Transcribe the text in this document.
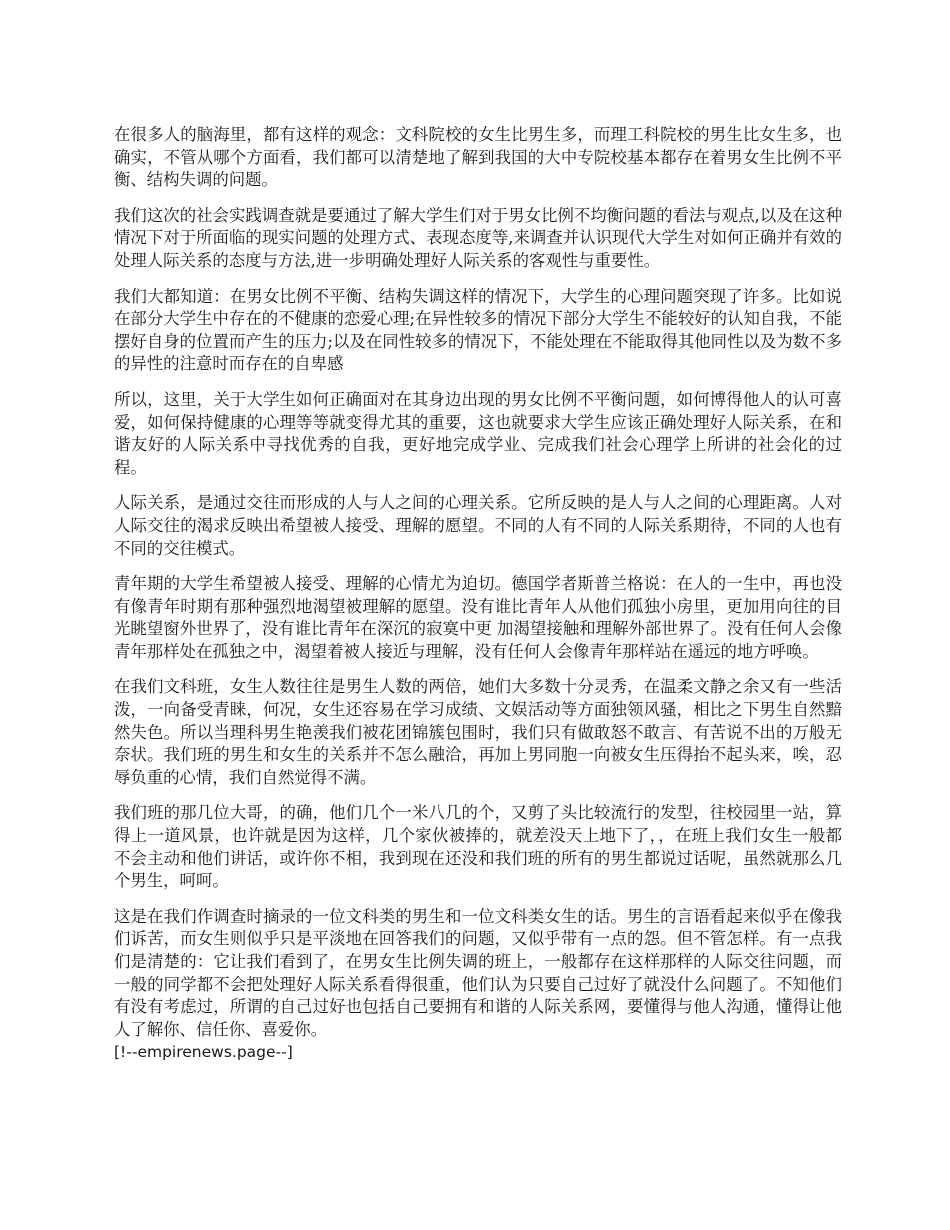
在很多人的脑海里，都有这样的观念：文科院校的女生比男生多，而理工科院校的男生比女生多，也确实，不管从哪个方面看，我们都可以清楚地了解到我国的大中专院校基本都存在着男女生比例不平衡、结构失调的问题。

我们这次的社会实践调查就是要通过了解大学生们对于男女比例不均衡问题的看法与观点,以及在这种情况下对于所面临的现实问题的处理方式、表现态度等,来调查并认识现代大学生对如何正确并有效的处理人际关系的态度与方法,进一步明确处理好人际关系的客观性与重要性。

我们大都知道：在男女比例不平衡、结构失调这样的情况下，大学生的心理问题突现了许多。比如说在部分大学生中存在的不健康的恋爱心理;在异性较多的情况下部分大学生不能较好的认知自我，不能摆好自身的位置而产生的压力;以及在同性较多的情况下，不能处理在不能取得其他同性以及为数不多的异性的注意时而存在的自卑感

所以，这里，关于大学生如何正确面对在其身边出现的男女比例不平衡问题，如何博得他人的认可喜爱，如何保持健康的心理等等就变得尤其的重要，这也就要求大学生应该正确处理好人际关系，在和谐友好的人际关系中寻找优秀的自我，更好地完成学业、完成我们社会心理学上所讲的社会化的过程。

人际关系，是通过交往而形成的人与人之间的心理关系。它所反映的是人与人之间的心理距离。人对人际交往的渴求反映出希望被人接受、理解的愿望。不同的人有不同的人际关系期待，不同的人也有不同的交往模式。

青年期的大学生希望被人接受、理解的心情尤为迫切。德国学者斯普兰格说：在人的一生中，再也没有像青年时期有那种强烈地渴望被理解的愿望。没有谁比青年人从他们孤独小房里，更加用向往的目光眺望窗外世界了，没有谁比青年在深沉的寂寞中更 加渴望接触和理解外部世界了。没有任何人会像青年那样处在孤独之中，渴望着被人接近与理解，没有任何人会像青年那样站在遥远的地方呼唤。

在我们文科班，女生人数往往是男生人数的两倍，她们大多数十分灵秀，在温柔文静之余又有一些活泼，一向备受青睐，何况，女生还容易在学习成绩、文娱活动等方面独领风骚，相比之下男生自然黯然失色。所以当理科男生艳羡我们被花团锦簇包围时，我们只有做敢怒不敢言、有苦说不出的万般无奈状。我们班的男生和女生的关系并不怎么融洽，再加上男同胞一向被女生压得抬不起头来，唉，忍辱负重的心情，我们自然觉得不满。

我们班的那几位大哥，的确，他们几个一米八几的个，又剪了头比较流行的发型，往校园里一站，算得上一道风景，也许就是因为这样，几个家伙被捧的，就差没天上地下了，，在班上我们女生一般都不会主动和他们讲话，或许你不相，我到现在还没和我们班的所有的男生都说过话呢，虽然就那么几个男生，呵呵。

这是在我们作调查时摘录的一位文科类的男生和一位文科类女生的话。男生的言语看起来似乎在像我们诉苦，而女生则似乎只是平淡地在回答我们的问题，又似乎带有一点的怨。但不管怎样。有一点我们是清楚的：它让我们看到了，在男女生比例失调的班上，一般都存在这样那样的人际交往问题，而一般的同学都不会把处理好人际关系看得很重，他们认为只要自己过好了就没什么问题了。不知他们有没有考虑过，所谓的自己过好也包括自己要拥有和谐的人际关系网，要懂得与他人沟通，懂得让他人了解你、信任你、喜爱你。

[!--empirenews.page--]
